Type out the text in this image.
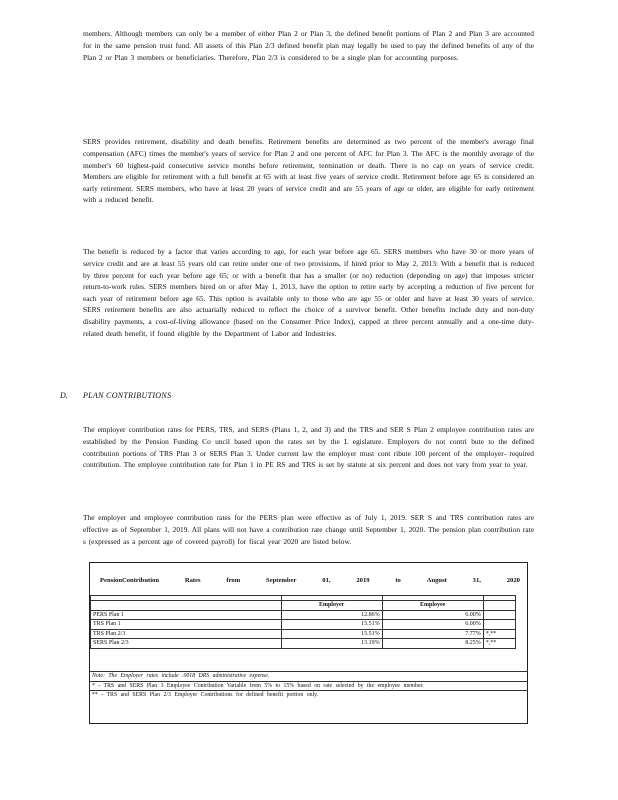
members. Although members can only be a member of either Plan 2 or Plan 3, the defined benefit portions of Plan 2 and Plan 3 are accounted for in the same pension trust fund. All assets of this Plan 2/3 defined benefit plan may legally be used to pay the defined benefits of any of the Plan 2 or Plan 3 members or beneficiaries. Therefore, Plan 2/3 is considered to be a single plan for accounting purposes.

SERS provides retirement, disability and death benefits. Retirement benefits are determined as two percent of the member's average final compensation (AFC) times the member's years of service for Plan 2 and one percent of AFC for Plan 3. The AFC is the monthly average of the member's 60 highest-paid consecutive service months before retirement, termination or death. There is no cap on years of service credit. Members are eligible for retirement with a full benefit at 65 with at least five years of service credit. Retirement before age 65 is considered an early retirement. SERS members, who have at least 20 years of service credit and are 55 years of age or older, are eligible for early retirement with a reduced benefit.

The benefit is reduced by a factor that varies according to age, for each year before age 65. SERS members who have 30 or more years of service credit and are at least 55 years old can retire under one of two provisions, if hired prior to May 2, 2013: With a benefit that is reduced by three percent for each year before age 65; or with a benefit that has a smaller (or no) reduction (depending on age) that imposes stricter return-to-work rules. SERS members hired on or after May 1, 2013, have the option to retire early by accepting a reduction of five percent for each year of retirement before age 65. This option is available only to those who are age 55 or older and have at least 30 years of service. SERS retirement benefits are also actuarially reduced to reflect the choice of a survivor benefit. Other benefits include duty and non-duty disability payments, a cost-of-living allowance (based on the Consumer Price Index), capped at three percent annually and a one-time duty-related death benefit, if found eligible by the Department of Labor and Industries.

D. PLAN CONTRIBUTIONS

The employer contribution rates for PERS, TRS, and SERS (Plans 1, 2, and 3) and the TRS and SER S Plan 2 employee contribution rates are established by the Pension Funding Co uncil based upon the rates set by the L egislature. Employers do not contri bute to the defined contribution portions of TRS Plan 3 or SERS Plan 3. Under current law the employer must cont ribute 100 percent of the employer- required contribution. The employee contribution rate for Plan 1 in PE RS and TRS is set by statute at six percent and does not vary from year to year.

The employer and employee contribution rates for the PERS plan were effective as of July 1, 2019. SER S and TRS contribution rates are effective as of September 1, 2019. All plans will not have a contribution rate change until September 1, 2020. The pension plan contribution rate s (expressed as a percent age of covered payroll) for fiscal year 2020 are listed below.

PensionContribution	Rates	from	September	01,	2019	to	August	31,	2020

	Employer	Employee	
PERS Plan 1	12.86%	6.00%	
TRS Plan 1	15.51%	6.00%	
TRS Plan 2/3	15.51%	7.77%	*,**
SERS Plan 2/3	13.19%	8.25%	*,**
Note: The Employer rates include .0018 DRS administrative expense.
* - TRS and SERS Plan 3 Employee Contribution Variable from 5% to 15% based on rate selected by the employee member.
** - TRS and SERS Plan 2/3 Employer Contributions for defined benefit portion only.
